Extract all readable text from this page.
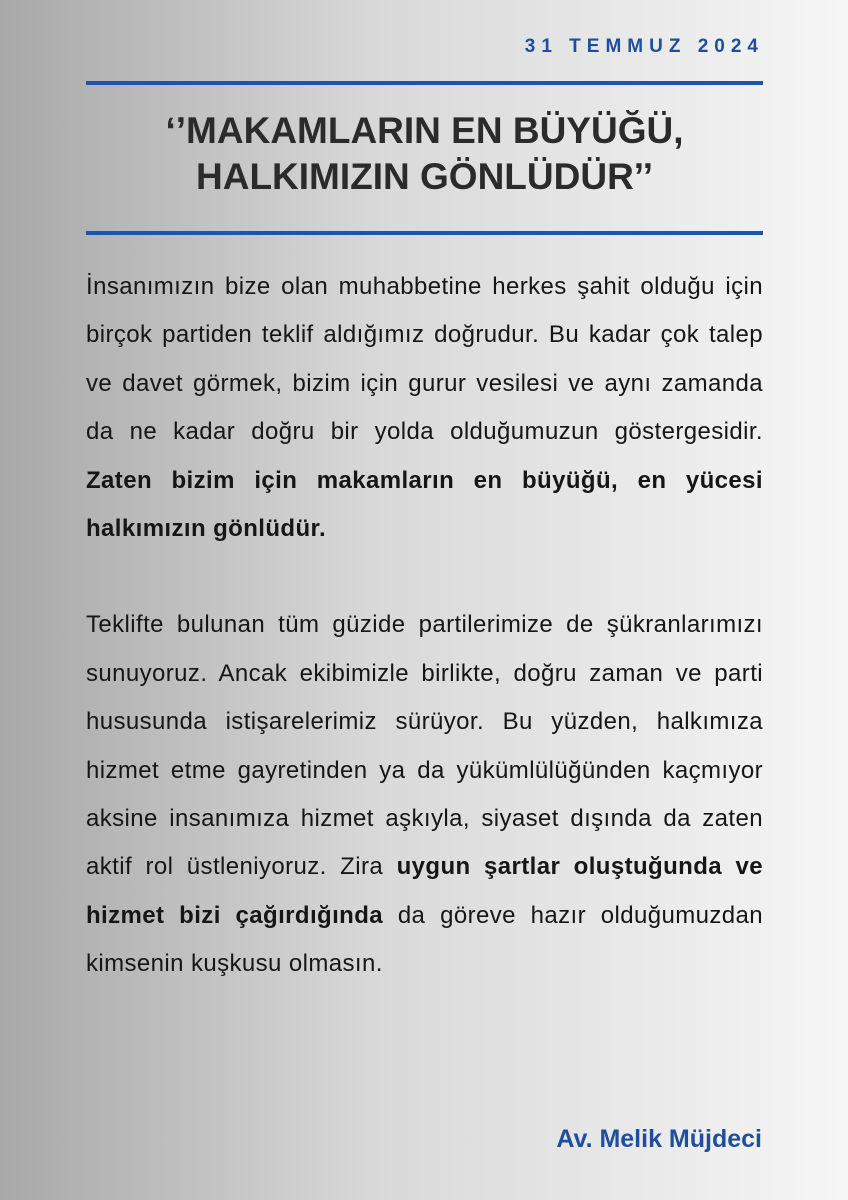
31 TEMMUZ 2024
‘’MAKAMLARIN EN BÜYÜĞÜ,
HALKIMIZIN GÖNLÜDÜR’’

İnsanımızın bize olan muhabbetine herkes şahit olduğu için birçok partiden teklif aldığımız doğrudur. Bu kadar çok talep ve davet görmek, bizim için gurur vesilesi ve aynı zamanda da ne kadar doğru bir yolda olduğumuzun göstergesidir. Zaten bizim için makamların en büyüğü, en yücesi halkımızın gönlüdür.

Teklifte bulunan tüm güzide partilerimize de şükranlarımızı sunuyoruz. Ancak ekibimizle birlikte, doğru zaman ve parti hususunda istişarelerimiz sürüyor. Bu yüzden, halkımıza hizmet etme gayretinden ya da yükümlülüğünden kaçmıyor aksine insanımıza hizmet aşkıyla, siyaset dışında da zaten aktif rol üstleniyoruz. Zira uygun şartlar oluştuğunda ve hizmet bizi çağırdığında da göreve hazır olduğumuzdan kimsenin kuşkusu olmasın.

Av. Melik Müjdeci
